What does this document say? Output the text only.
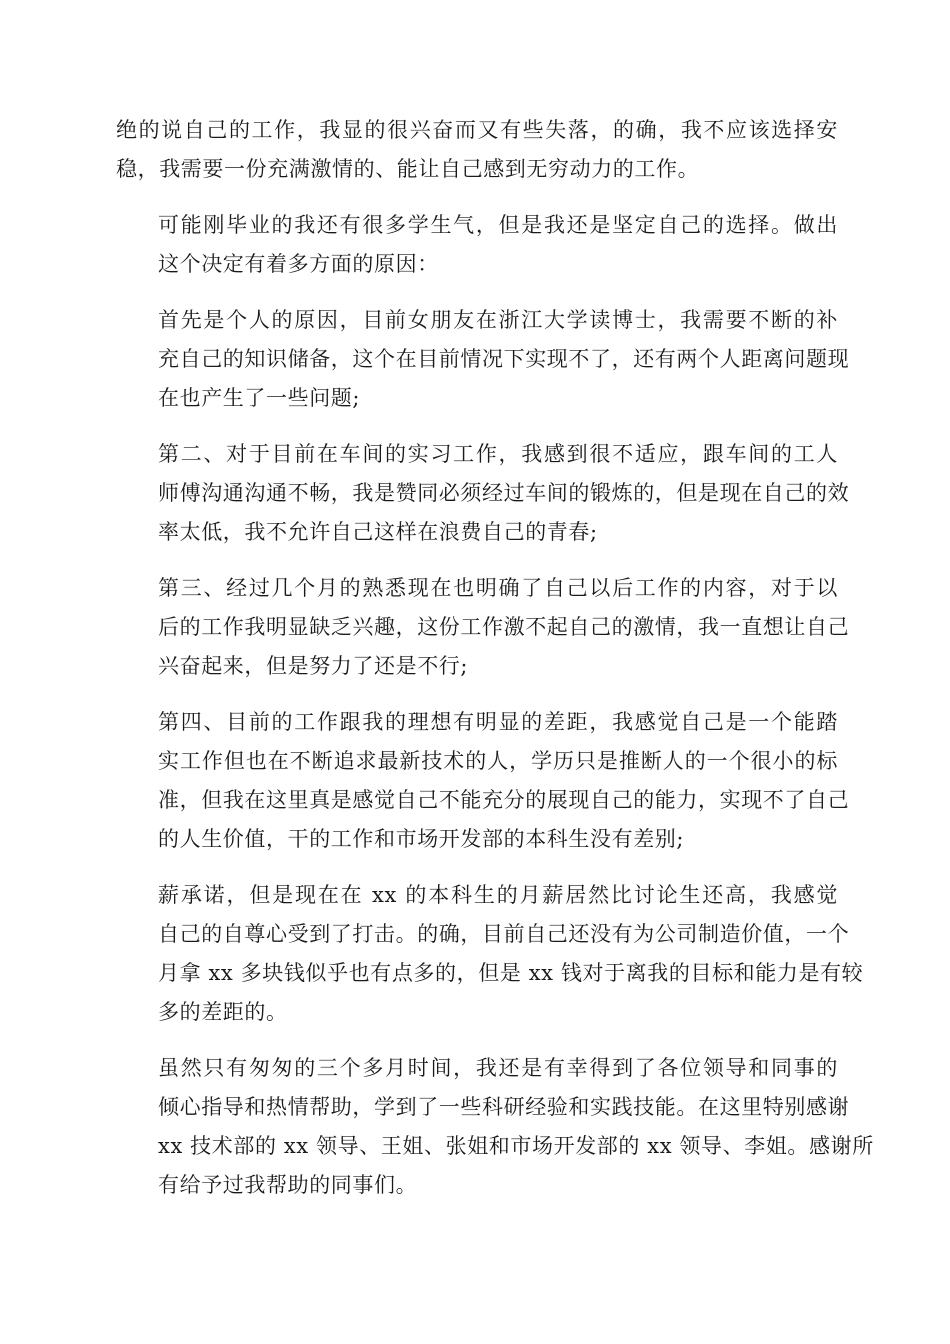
绝的说自己的工作，我显的很兴奋而又有些失落，的确，我不应该选择安
稳，我需要一份充满激情的、能让自己感到无穷动力的工作。

可能刚毕业的我还有很多学生气，但是我还是坚定自己的选择。做出
这个决定有着多方面的原因：

首先是个人的原因，目前女朋友在浙江大学读博士，我需要不断的补
充自己的知识储备，这个在目前情况下实现不了，还有两个人距离问题现
在也产生了一些问题;

第二、对于目前在车间的实习工作，我感到很不适应，跟车间的工人
师傅沟通沟通不畅，我是赞同必须经过车间的锻炼的，但是现在自己的效
率太低，我不允许自己这样在浪费自己的青春;

第三、经过几个月的熟悉现在也明确了自己以后工作的内容，对于以
后的工作我明显缺乏兴趣，这份工作激不起自己的激情，我一直想让自己
兴奋起来，但是努力了还是不行;

第四、目前的工作跟我的理想有明显的差距，我感觉自己是一个能踏
实工作但也在不断追求最新技术的人，学历只是推断人的一个很小的标
准，但我在这里真是感觉自己不能充分的展现自己的能力，实现不了自己
的人生价值，干的工作和市场开发部的本科生没有差别;

薪承诺，但是现在在 xx 的本科生的月薪居然比讨论生还高，我感觉
自己的自尊心受到了打击。的确，目前自己还没有为公司制造价值，一个
月拿 xx 多块钱似乎也有点多的，但是 xx 钱对于离我的目标和能力是有较
多的差距的。

虽然只有匆匆的三个多月时间，我还是有幸得到了各位领导和同事的
倾心指导和热情帮助，学到了一些科研经验和实践技能。在这里特别感谢
xx 技术部的 xx 领导、王姐、张姐和市场开发部的 xx 领导、李姐。感谢所
有给予过我帮助的同事们。
